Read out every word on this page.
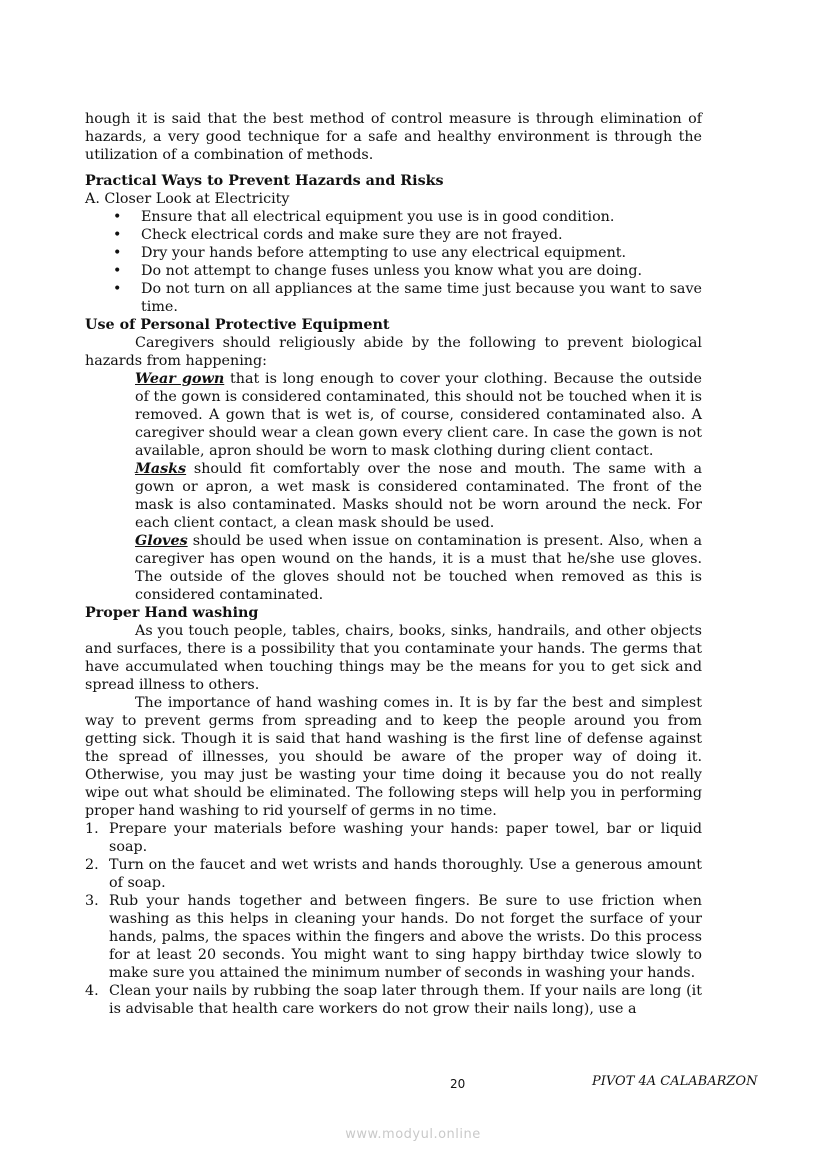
hough it is said that the best method of control measure is through elimination of hazards, a very good technique for a safe and healthy environment is through the utilization of a combination of methods.

Practical Ways to Prevent Hazards and Risks

A. Closer Look at Electricity

• Ensure that all electrical equipment you use is in good condition.
• Check electrical cords and make sure they are not frayed.
• Dry your hands before attempting to use any electrical equipment.
• Do not attempt to change fuses unless you know what you are doing.
• Do not turn on all appliances at the same time just because you want to save time.

Use of Personal Protective Equipment

Caregivers should religiously abide by the following to prevent biological hazards from happening:

Wear gown that is long enough to cover your clothing. Because the outside of the gown is considered contaminated, this should not be touched when it is removed. A gown that is wet is, of course, considered contaminated also. A caregiver should wear a clean gown every client care. In case the gown is not available, apron should be worn to mask clothing during client contact.

Masks should fit comfortably over the nose and mouth. The same with a gown or apron, a wet mask is considered contaminated. The front of the mask is also contaminated. Masks should not be worn around the neck. For each client contact, a clean mask should be used.

Gloves should be used when issue on contamination is present. Also, when a caregiver has open wound on the hands, it is a must that he/she use gloves. The outside of the gloves should not be touched when removed as this is considered contaminated.

Proper Hand washing

As you touch people, tables, chairs, books, sinks, handrails, and other objects and surfaces, there is a possibility that you contaminate your hands. The germs that have accumulated when touching things may be the means for you to get sick and spread illness to others.

The importance of hand washing comes in. It is by far the best and simplest way to prevent germs from spreading and to keep the people around you from getting sick. Though it is said that hand washing is the first line of defense against the spread of illnesses, you should be aware of the proper way of doing it. Otherwise, you may just be wasting your time doing it because you do not really wipe out what should be eliminated. The following steps will help you in performing proper hand washing to rid yourself of germs in no time.

1. Prepare your materials before washing your hands: paper towel, bar or liquid soap.
2. Turn on the faucet and wet wrists and hands thoroughly. Use a generous amount of soap.
3. Rub your hands together and between fingers. Be sure to use friction when washing as this helps in cleaning your hands. Do not forget the surface of your hands, palms, the spaces within the fingers and above the wrists. Do this process for at least 20 seconds. You might want to sing happy birthday twice slowly to make sure you attained the minimum number of seconds in washing your hands.
4. Clean your nails by rubbing the soap later through them. If your nails are long (it is advisable that health care workers do not grow their nails long), use a
20	PIVOT 4A CALABARZON
www.modyul.online
